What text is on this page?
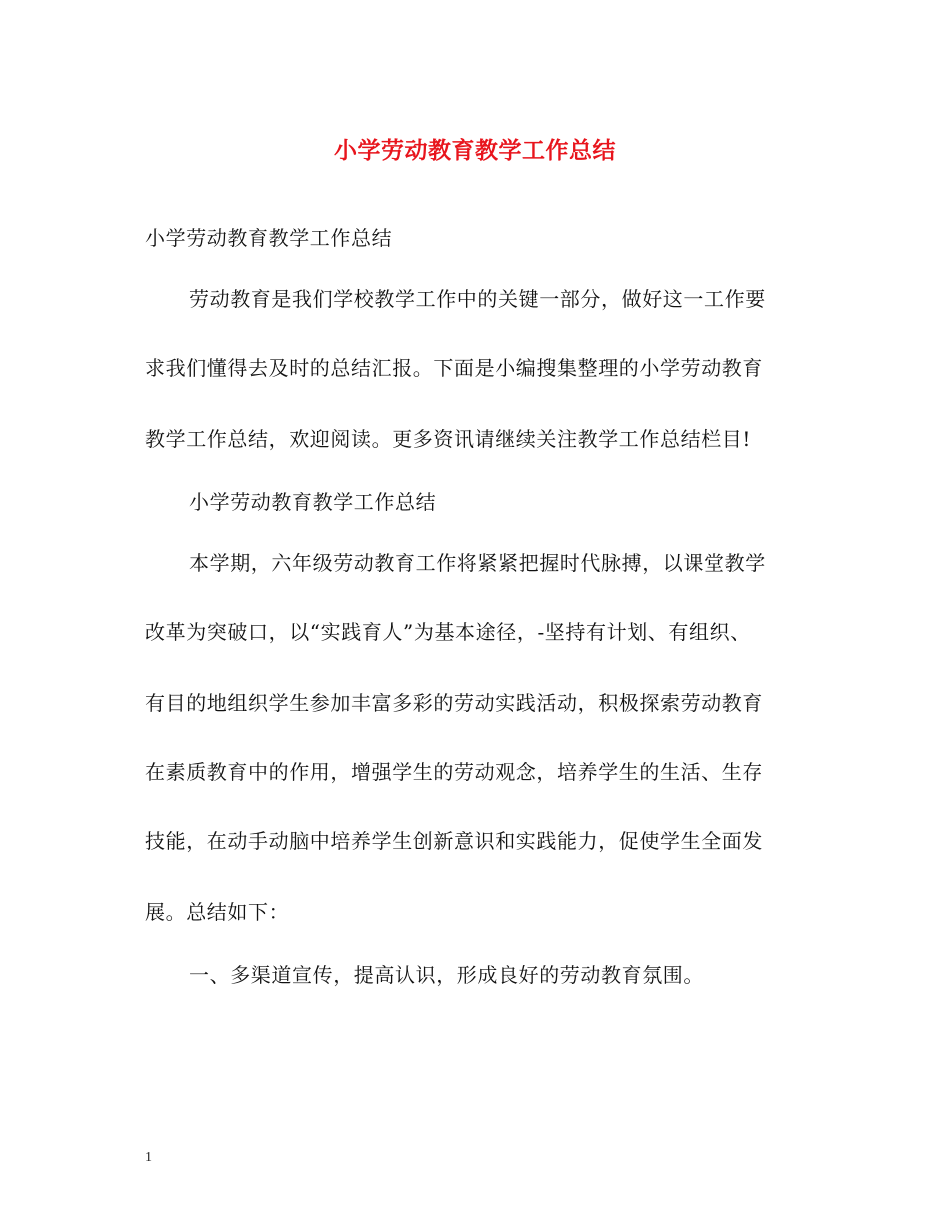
小学劳动教育教学工作总结
小学劳动教育教学工作总结
劳动教育是我们学校教学工作中的关键一部分，做好这一工作要
求我们懂得去及时的总结汇报。下面是小编搜集整理的小学劳动教育
教学工作总结，欢迎阅读。更多资讯请继续关注教学工作总结栏目!
小学劳动教育教学工作总结
本学期，六年级劳动教育工作将紧紧把握时代脉搏，以课堂教学
改革为突破口，以“实践育人”为基本途径，-坚持有计划、有组织、
有目的地组织学生参加丰富多彩的劳动实践活动，积极探索劳动教育
在素质教育中的作用，增强学生的劳动观念，培养学生的生活、生存
技能，在动手动脑中培养学生创新意识和实践能力，促使学生全面发
展。总结如下：
一、多渠道宣传，提高认识，形成良好的劳动教育氛围。
1
